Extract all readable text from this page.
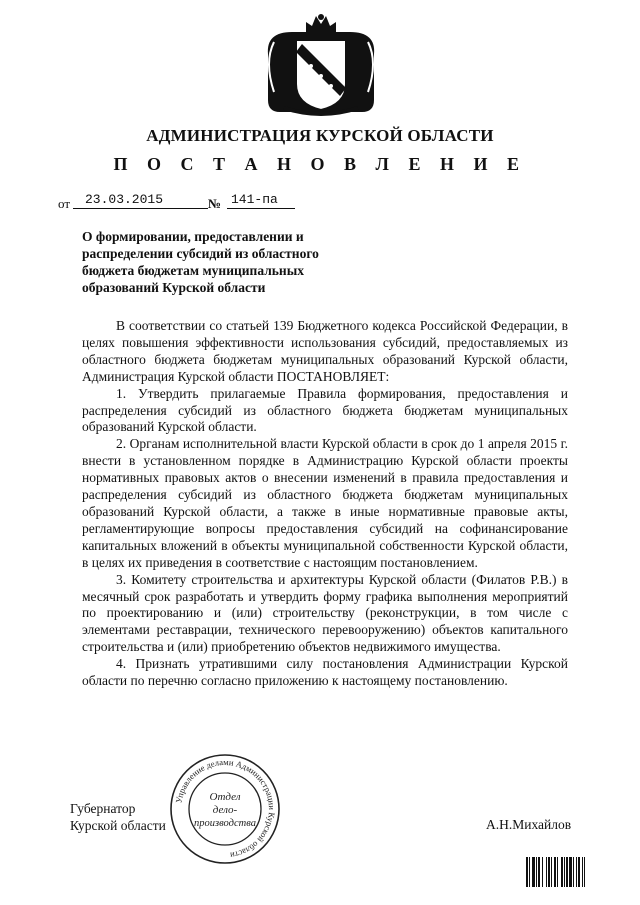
АДМИНИСТРАЦИЯ КУРСКОЙ ОБЛАСТИ
П О С Т А Н О В Л Е Н И Е
от	23.03.2015	№ 141-па
О формировании, предоставлении и
распределении субсидий из областного
бюджета бюджетам муниципальных
образований Курской области

В соответствии со статьей 139 Бюджетного кодекса Российской Федерации, в целях повышения эффективности использования субсидий, предоставляемых из областного бюджета бюджетам муниципальных образований Курской области, Администрация Курской области ПОСТАНОВЛЯЕТ:

1. Утвердить прилагаемые Правила формирования, предоставления и распределения субсидий из областного бюджета бюджетам муниципальных образований Курской области.

2. Органам исполнительной власти Курской области в срок до 1 апреля 2015 г. внести в установленном порядке в Администрацию Курской области проекты нормативных правовых актов о внесении изменений в правила предоставления и распределения субсидий из областного бюджета бюджетам муниципальных образований Курской области, а также в иные нормативные правовые акты, регламентирующие вопросы предоставления субсидий на софинансирование капитальных вложений в объекты муниципальной собственности Курской области, в целях их приведения в соответствие с настоящим постановлением.

3. Комитету строительства и архитектуры Курской области (Филатов Р.В.) в месячный срок разработать и утвердить форму графика выполнения мероприятий по проектированию и (или) строительству (реконструкции, в том числе с элементами реставрации, технического перевооружению) объектов капитального строительства и (или) приобретению объектов недвижимого имущества.

4. Признать утратившими силу постановления Администрации Курской области по перечню согласно приложению к настоящему постановлению.

Губернатор
Курской области	А.Н.Михайлов
Управление делами Администрации Курской области
Отдел
дело-
производства
